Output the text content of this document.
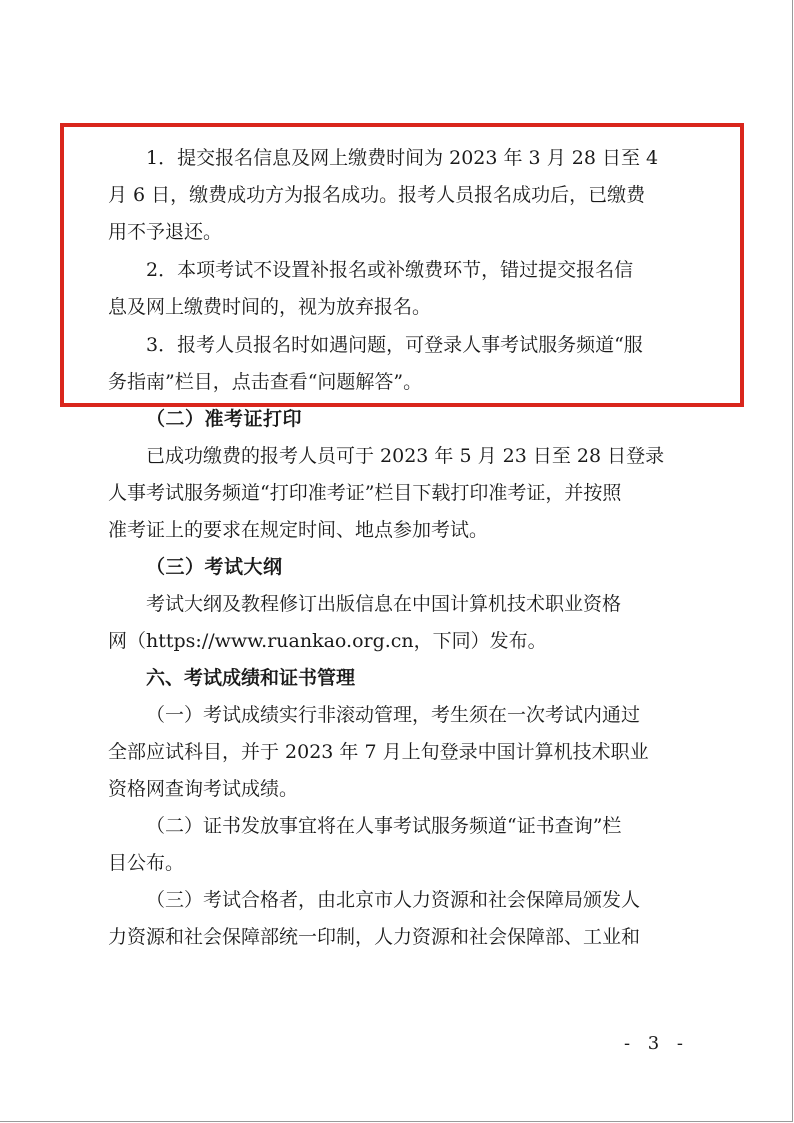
1．提交报名信息及网上缴费时间为 2023 年 3 月 28 日至 4

月 6 日，缴费成功方为报名成功。报考人员报名成功后，已缴费

用不予退还。

2．本项考试不设置补报名或补缴费环节，错过提交报名信

息及网上缴费时间的，视为放弃报名。

3．报考人员报名时如遇问题，可登录人事考试服务频道“服

务指南”栏目，点击查看“问题解答”。

（二）准考证打印

已成功缴费的报考人员可于 2023 年 5 月 23 日至 28 日登录

人事考试服务频道“打印准考证”栏目下载打印准考证，并按照

准考证上的要求在规定时间、地点参加考试。

（三）考试大纲

考试大纲及教程修订出版信息在中国计算机技术职业资格

网（https://www.ruankao.org.cn，下同）发布。

六、考试成绩和证书管理

（一）考试成绩实行非滚动管理，考生须在一次考试内通过

全部应试科目，并于 2023 年 7 月上旬登录中国计算机技术职业

资格网查询考试成绩。

（二）证书发放事宜将在人事考试服务频道“证书查询”栏

目公布。

（三）考试合格者，由北京市人力资源和社会保障局颁发人

力资源和社会保障部统一印制，人力资源和社会保障部、工业和

- 3 -
